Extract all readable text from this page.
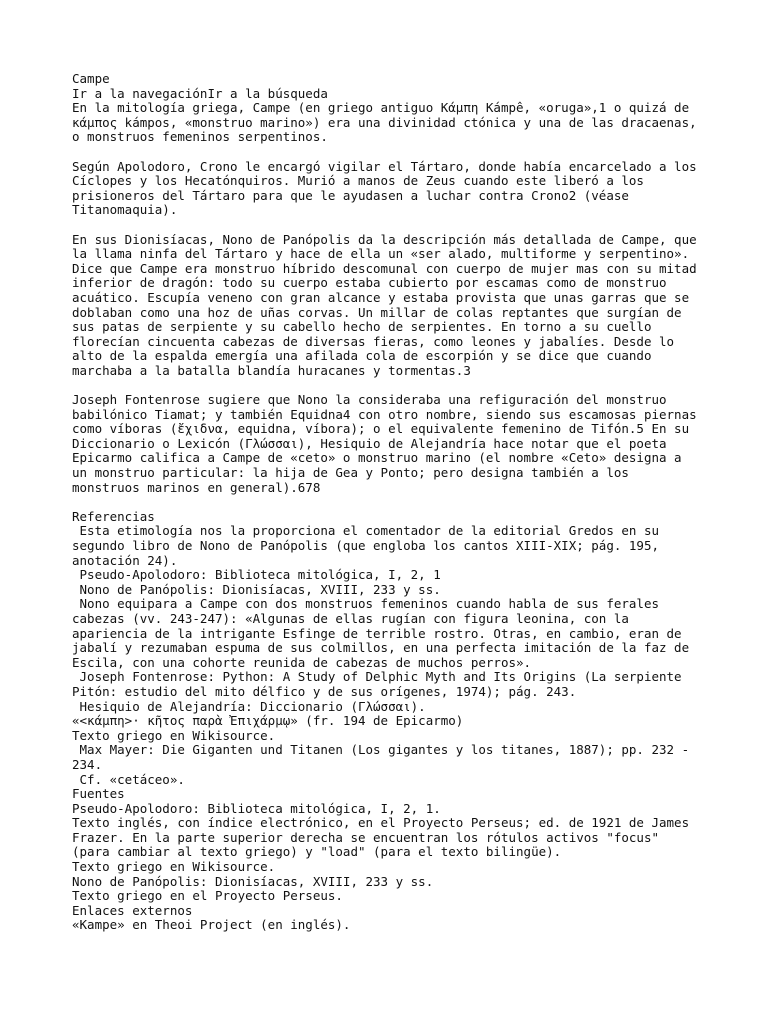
Campe
Ir a la navegaciónIr a la búsqueda
En la mitología griega, Campe (en griego antiguo Κάμπη Kámpê, «oruga»,1 o quizá de
κάμπος kámpos, «monstruo marino») era una divinidad ctónica y una de las dracaenas,
o monstruos femeninos serpentinos.
Según Apolodoro, Crono le encargó vigilar el Tártaro, donde había encarcelado a los
Cíclopes y los Hecatónquiros. Murió a manos de Zeus cuando este liberó a los
prisioneros del Tártaro para que le ayudasen a luchar contra Crono2 (véase
Titanomaquia).
En sus Dionisíacas, Nono de Panópolis da la descripción más detallada de Campe, que
la llama ninfa del Tártaro y hace de ella un «ser alado, multiforme y serpentino».
Dice que Campe era monstruo híbrido descomunal con cuerpo de mujer mas con su mitad
inferior de dragón: todo su cuerpo estaba cubierto por escamas como de monstruo
acuático. Escupía veneno con gran alcance y estaba provista que unas garras que se
doblaban como una hoz de uñas corvas. Un millar de colas reptantes que surgían de
sus patas de serpiente y su cabello hecho de serpientes. En torno a su cuello
florecían cincuenta cabezas de diversas fieras, como leones y jabalíes. Desde lo
alto de la espalda emergía una afilada cola de escorpión y se dice que cuando
marchaba a la batalla blandía huracanes y tormentas.3
Joseph Fontenrose sugiere que Nono la consideraba una refiguración del monstruo
babilónico Tiamat; y también Equidna4 con otro nombre, siendo sus escamosas piernas
como víboras (ἔχιδνα, equidna, víbora); o el equivalente femenino de Tifón.5 En su
Diccionario o Lexicón (Γλώσσαι), Hesiquio de Alejandría hace notar que el poeta
Epicarmo califica a Campe de «ceto» o monstruo marino (el nombre «Ceto» designa a
un monstruo particular: la hija de Gea y Ponto; pero designa también a los
monstruos marinos en general).678
Referencias
Esta etimología nos la proporciona el comentador de la editorial Gredos en su
segundo libro de Nono de Panópolis (que engloba los cantos XIII-XIX; pág. 195,
anotación 24).
Pseudo-Apolodoro: Biblioteca mitológica, I, 2, 1
Nono de Panópolis: Dionisíacas, XVIII, 233 y ss.
Nono equipara a Campe con dos monstruos femeninos cuando habla de sus ferales
cabezas (vv. 243-247): «Algunas de ellas rugían con figura leonina, con la
apariencia de la intrigante Esfinge de terrible rostro. Otras, en cambio, eran de
jabalí y rezumaban espuma de sus colmillos, en una perfecta imitación de la faz de
Escila, con una cohorte reunida de cabezas de muchos perros».
Joseph Fontenrose: Python: A Study of Delphic Myth and Its Origins (La serpiente
Pitón: estudio del mito délfico y de sus orígenes, 1974); pág. 243.
Hesiquio de Alejandría: Diccionario (Γλώσσαι).
«<κάμπη>· κῆτος παρὰ Ἐπιχάρμῳ» (fr. 194 de Epicarmo)
Texto griego en Wikisource.
Max Mayer: Die Giganten und Titanen (Los gigantes y los titanes, 1887); pp. 232 -
234.
Cf. «cetáceo».
Fuentes
Pseudo-Apolodoro: Biblioteca mitológica, I, 2, 1.
Texto inglés, con índice electrónico, en el Proyecto Perseus; ed. de 1921 de James
Frazer. En la parte superior derecha se encuentran los rótulos activos "focus"
(para cambiar al texto griego) y "load" (para el texto bilingüe).
Texto griego en Wikisource.
Nono de Panópolis: Dionisíacas, XVIII, 233 y ss.
Texto griego en el Proyecto Perseus.
Enlaces externos
«Kampe» en Theoi Project (en inglés).
